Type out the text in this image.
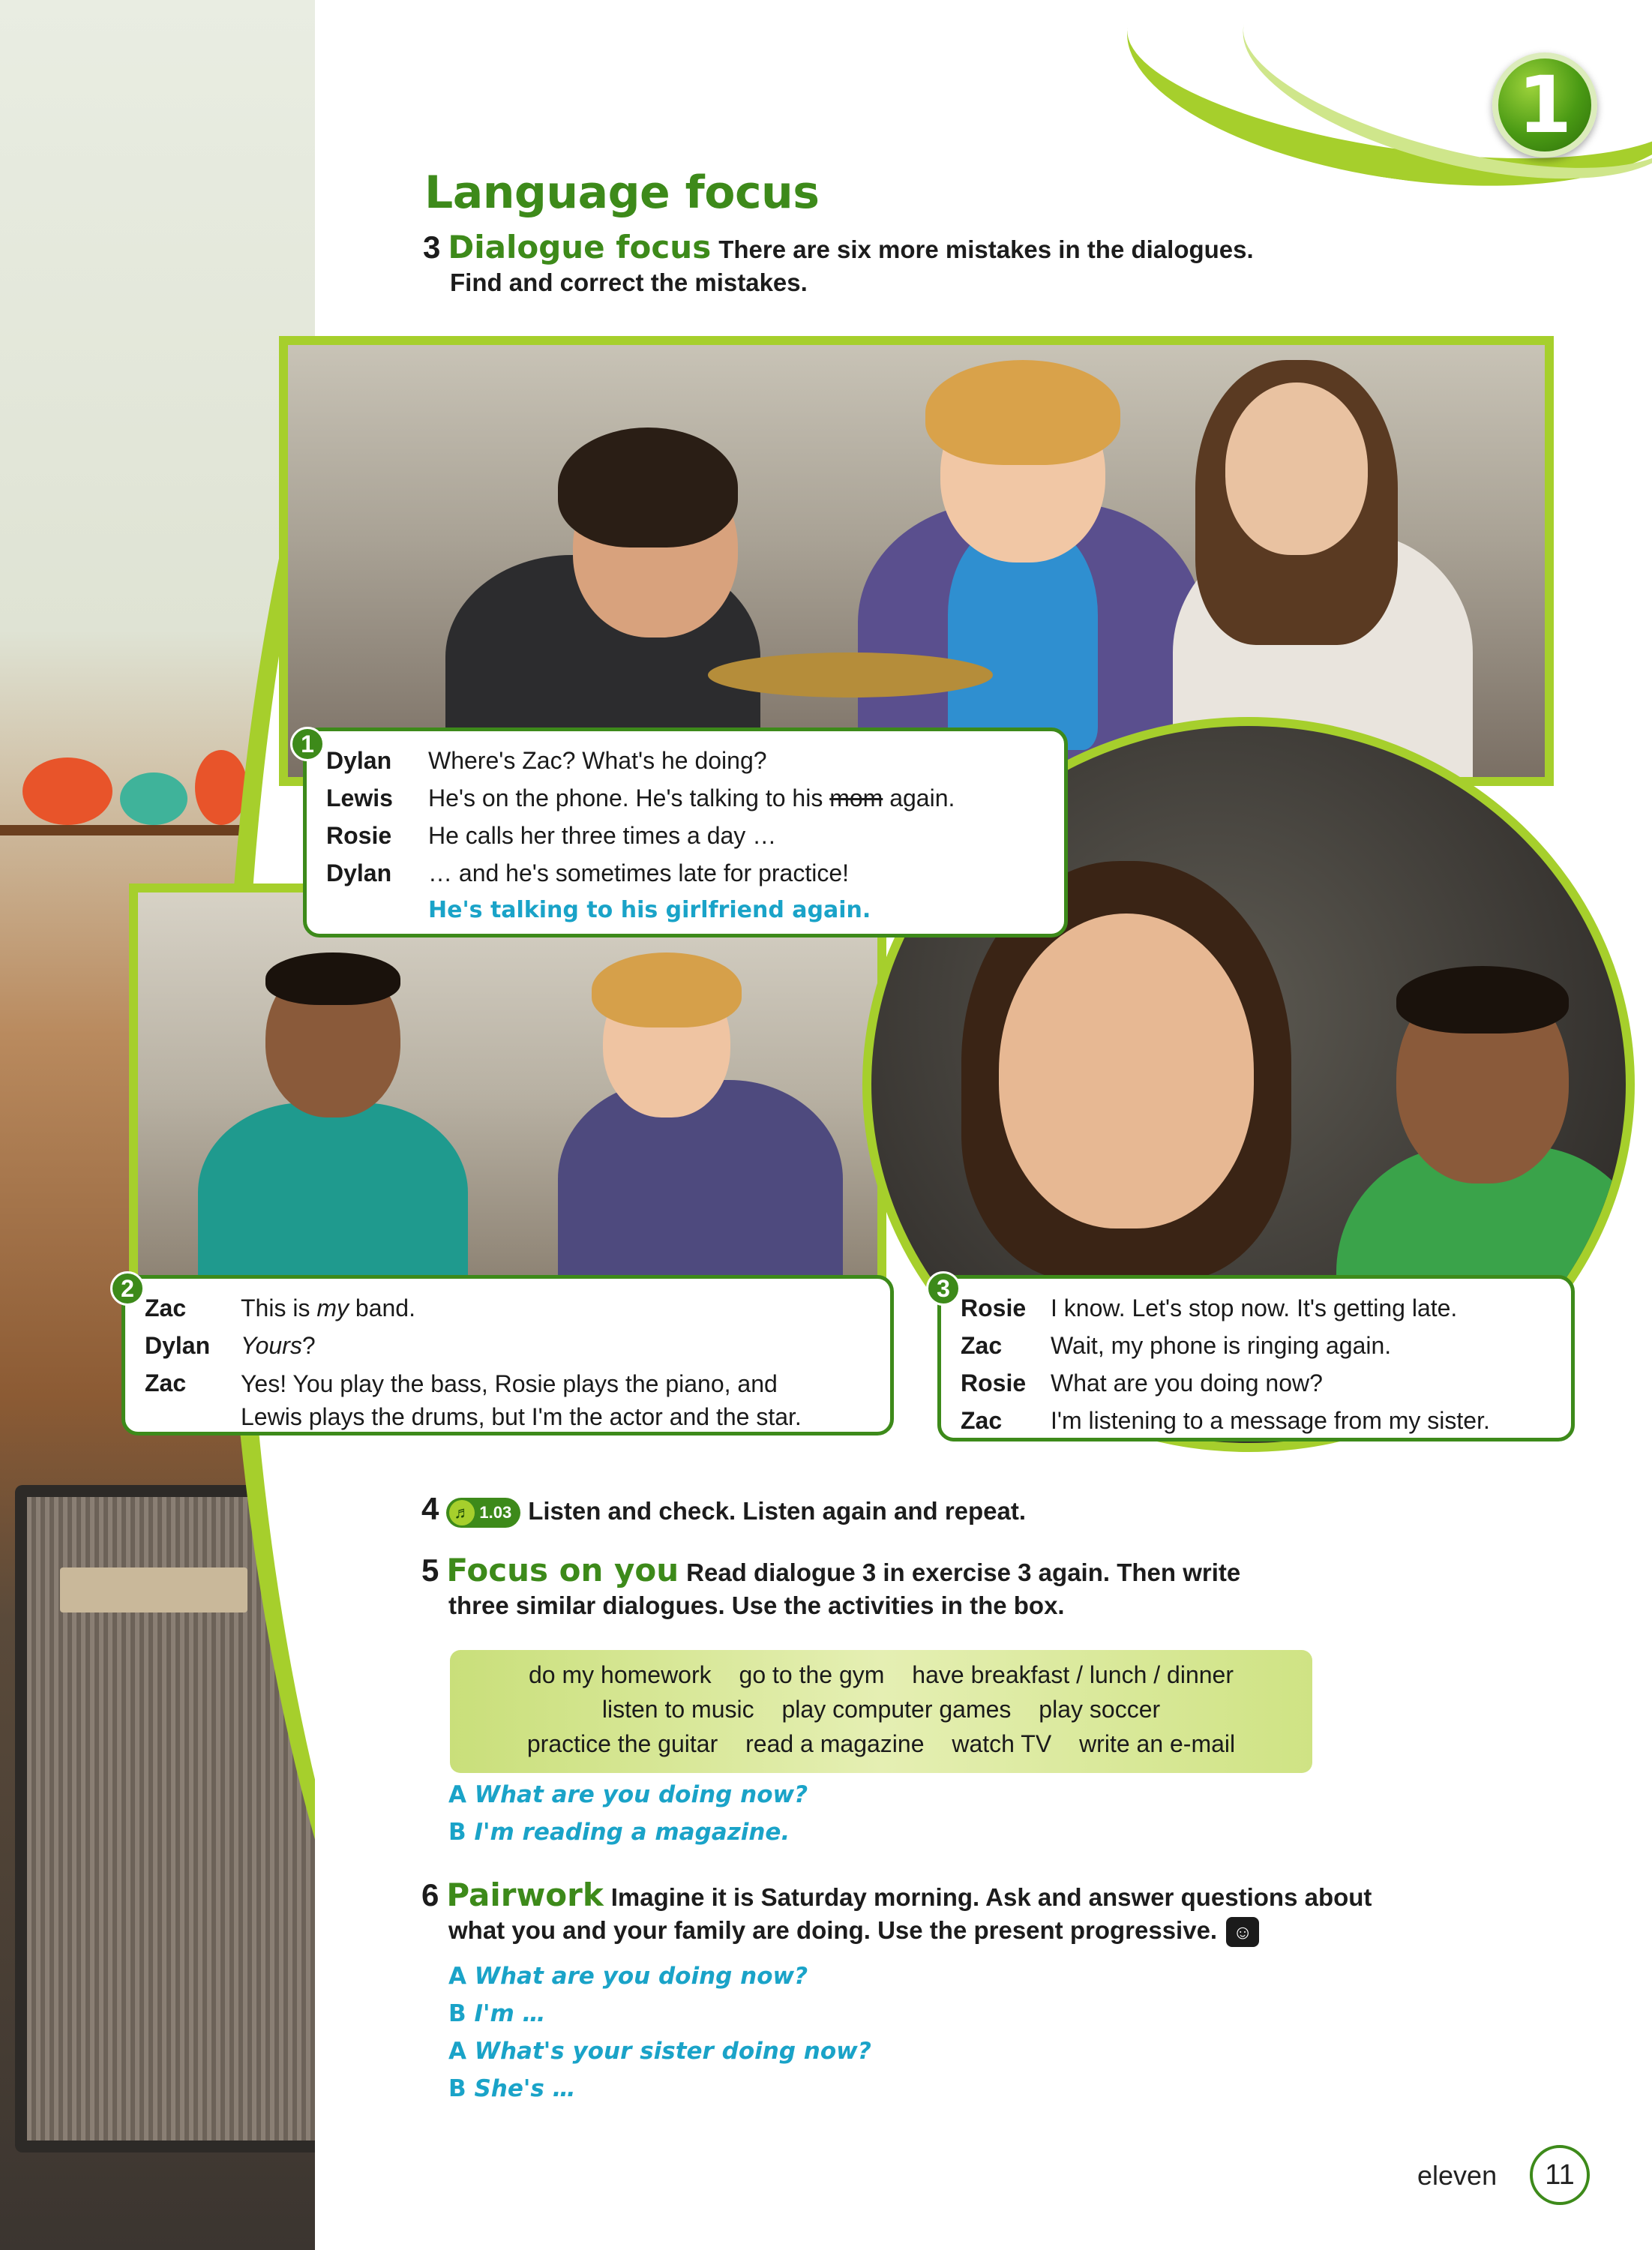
1
Language focus
3 Dialogue focus There are six more mistakes in the dialogues.
Find and correct the mistakes.
1
Dylan	Where's Zac? What's he doing?
Lewis	He's on the phone. He's talking to his mom again.
Rosie	He calls her three times a day …
Dylan	… and he's sometimes late for practice!
He's talking to his girlfriend again.
2
Zac	This is my band.
Dylan	Yours?
Zac	Yes! You play the bass, Rosie plays the piano, and
Lewis plays the drums, but I'm the actor and the star.
3
Rosie	I know. Let's stop now. It's getting late.
Zac	Wait, my phone is ringing again.
Rosie	What are you doing now?
Zac	I'm listening to a message from my sister.
4 ♬ 1.03 Listen and check. Listen again and repeat.
5 Focus on you Read dialogue 3 in exercise 3 again. Then write
three similar dialogues. Use the activities in the box.
do my homework go to the gym have breakfast / lunch / dinner
listen to music play computer games play soccer
practice the guitar read a magazine watch TV write an e-mail
A What are you doing now?
B I'm reading a magazine.
6 Pairwork Imagine it is Saturday morning. Ask and answer questions about
what you and your family are doing. Use the present progressive. ☺
A What are you doing now?
B I'm …
A What's your sister doing now?
B She's …
eleven	11
